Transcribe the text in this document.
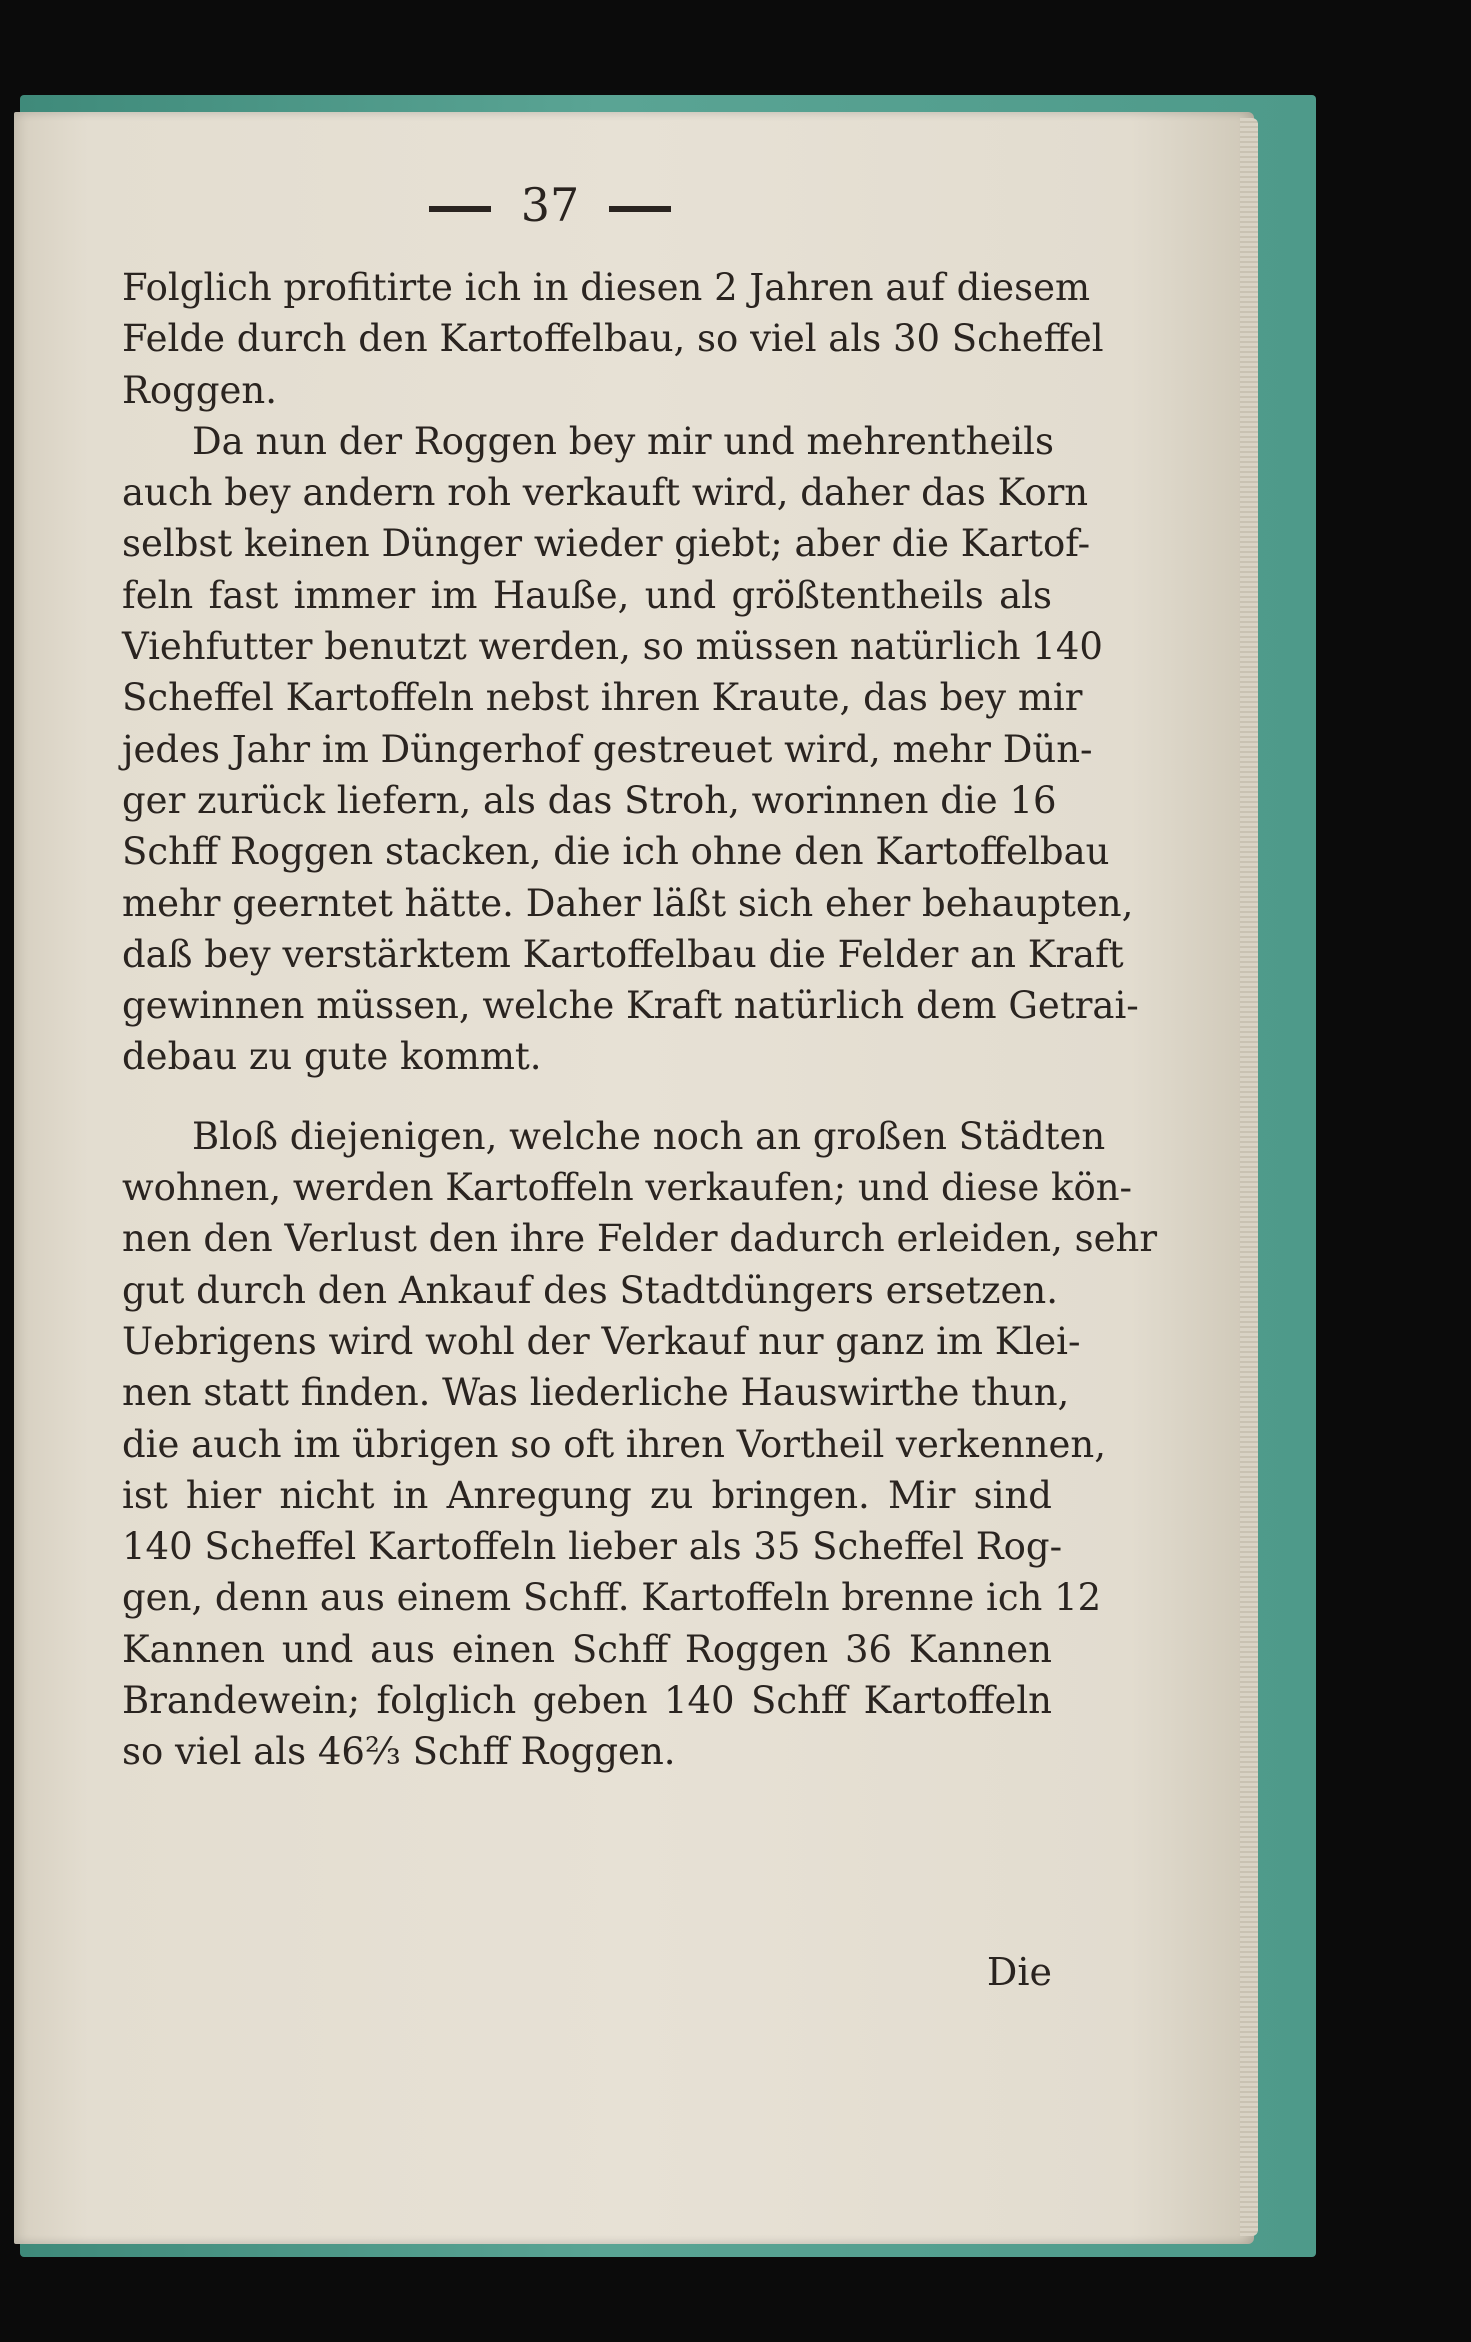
37
Folglich profitirte ich in diesen 2 Jahren auf diesem
Felde durch den Kartoffelbau, so viel als 30 Scheffel
Roggen.
Da nun der Roggen bey mir und mehrentheils
auch bey andern roh verkauft wird, daher das Korn
selbst keinen Dünger wieder giebt; aber die Kartof-
feln fast immer im Hauße, und größtentheils als
Viehfutter benutzt werden, so müssen natürlich 140
Scheffel Kartoffeln nebst ihren Kraute, das bey mir
jedes Jahr im Düngerhof gestreuet wird, mehr Dün-
ger zurück liefern, als das Stroh, worinnen die 16
Schff Roggen stacken, die ich ohne den Kartoffelbau
mehr geerntet hätte. Daher läßt sich eher behaupten,
daß bey verstärktem Kartoffelbau die Felder an Kraft
gewinnen müssen, welche Kraft natürlich dem Getrai-
debau zu gute kommt.
Bloß diejenigen, welche noch an großen Städten
wohnen, werden Kartoffeln verkaufen; und diese kön-
nen den Verlust den ihre Felder dadurch erleiden, sehr
gut durch den Ankauf des Stadtdüngers ersetzen.
Uebrigens wird wohl der Verkauf nur ganz im Klei-
nen statt finden. Was liederliche Hauswirthe thun,
die auch im übrigen so oft ihren Vortheil verkennen,
ist hier nicht in Anregung zu bringen. Mir sind
140 Scheffel Kartoffeln lieber als 35 Scheffel Rog-
gen, denn aus einem Schff. Kartoffeln brenne ich 12
Kannen und aus einen Schff Roggen 36 Kannen
Brandewein; folglich geben 140 Schff Kartoffeln
so viel als 46⅔ Schff Roggen.
Die
